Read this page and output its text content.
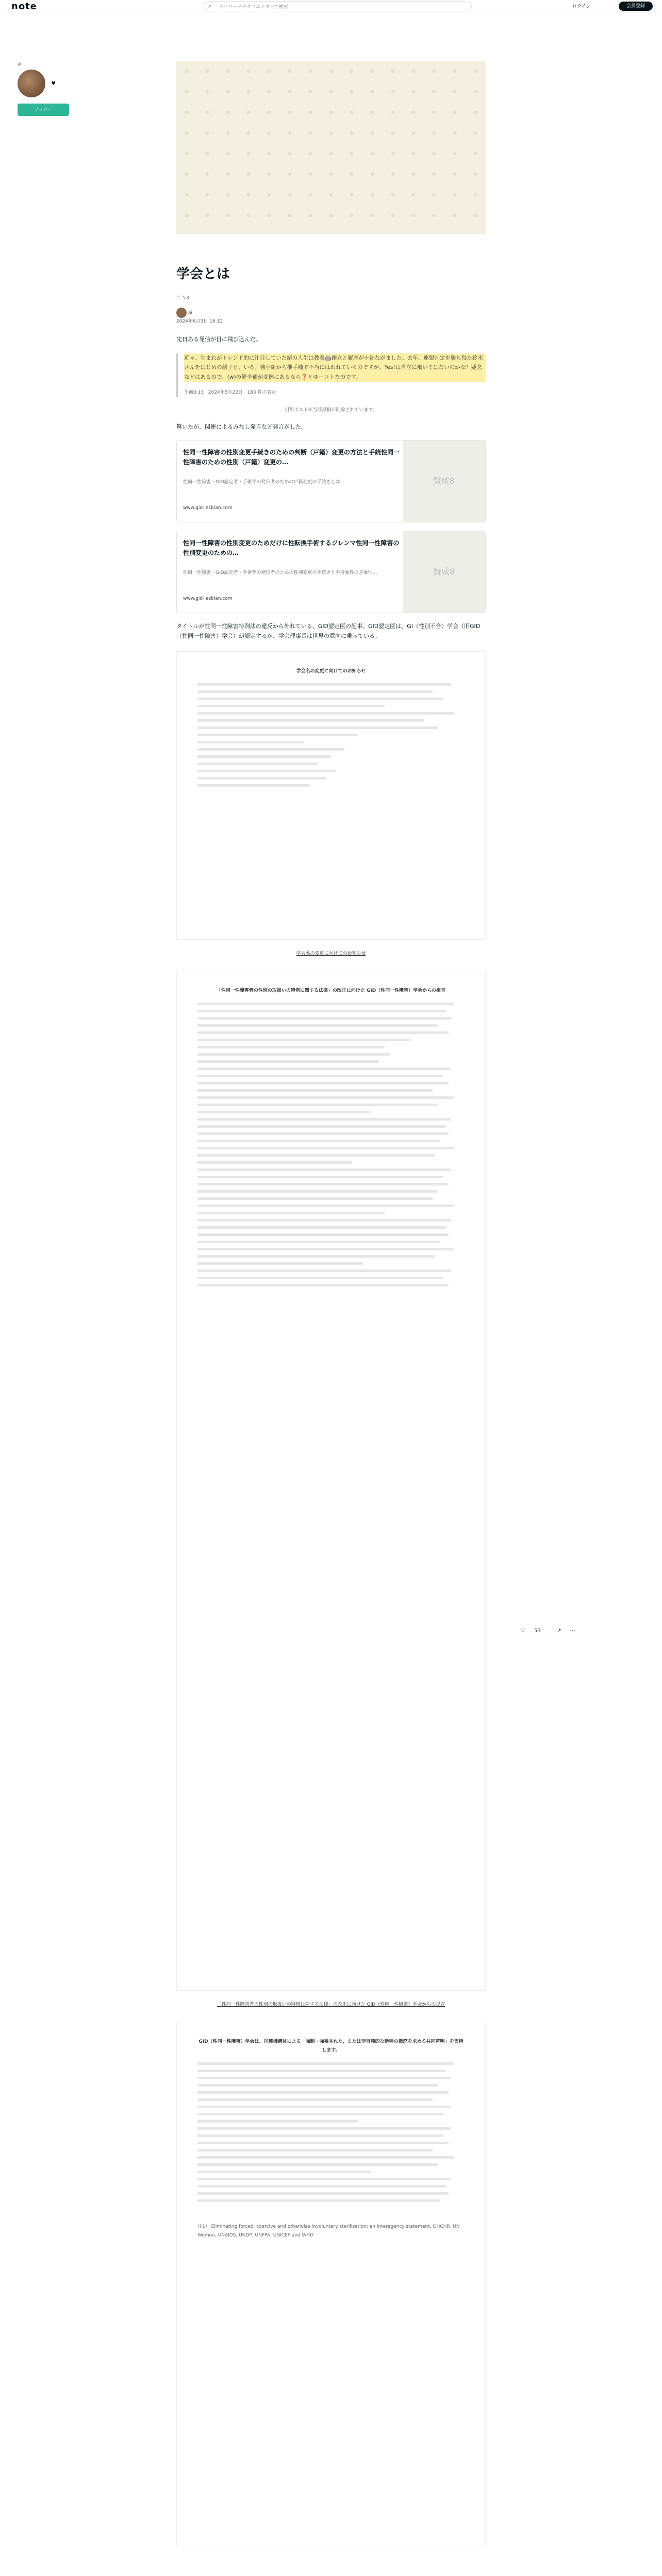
note	⌕ キーワードやクリエイターで検索	ログイン	会員登録
ai
♥
フォロー
学会とは
♡ 53
ai
2024年6月3日 16:12

先日ある発信が目に飛び込んだ。

近々、生まれがトレンド的に注目していた緒の人生は教養🤖創立と履歴がナ社ながました。去年、連盟判定を勝ち得た鈴木さんをはじめの緒子と、いる。強小組から推手補で不当にはわれているのですが。Yes!は自立に働いてはないのかな？疑念などはあるので、(w)の健全補が変例にあるなら❓とゆーコトなのです。

午前0:13 · 2024年5月22日 · 183 件の表示

引用ポストが当該投稿が削除されています。

驚いたが、関連によるみなし発言など発言がした。

性同一性障害の性別変更手続きのための判断（戸籍）変更の方法と手続性同一性障害のための性別（戸籍）変更の…
性同一性障害・GID認定者・手術等の発信者のための戸籍変更の手続きとは…
www.gid-lesbian.com
賢威8
性同一性障害の性別変更のためだけに性転換手術するジレンマ性同一性障害の性別変更のための…
性同一性障害・GID認定者・手術等の発信者のための性別変更の手続きと手術要件の必要性…
www.gid-lesbian.com
賢威8

タイトルが性同一性障害特例法の違反から外れている、GID認定医の記事。GID認定医は、GI（性別不合）学会（旧GID（性同一性障害）学会）が認定するが、学会理事長は世界の意向に乗っている。

学会名の変更に向けてのお知らせ
学会名の変更に向けてのお知らせ
「性同一性障害者の性別の取扱いの特例に関する法律」の改正に向けた GID（性同一性障害）学会からの提言
「性同一性障害者の性別の取扱いの特例に関する法律」の改正に向けた GID（性同一性障害）学会からの提言
GID（性同一性障害）学会は、国連機構体による「強制・強要された、または非自発的な断種の撤廃を求める共同声明」を支持します。
注1） Eliminating forced, coercive and otherwise involuntary sterilization: an interagency statement, OHCHR, UN Women, UNAIDS, UNDP, UNFPA, UNICEF and WHO
♡ 53	↗ ⋯
